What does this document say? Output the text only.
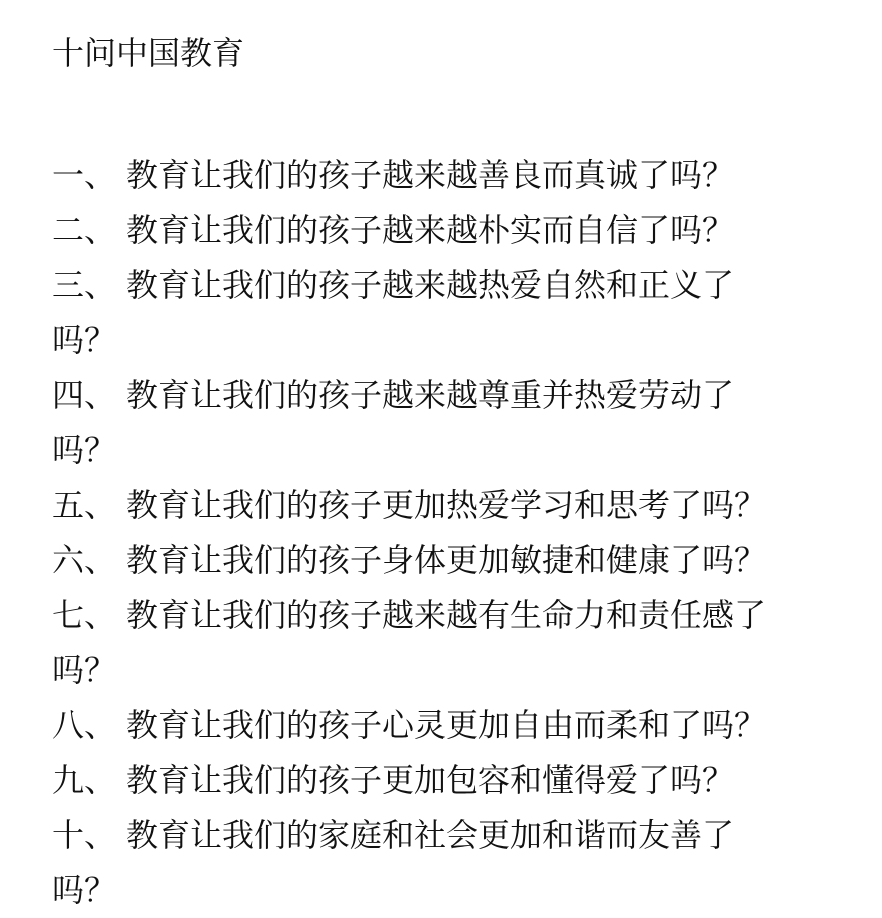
十问中国教育
一、 教育让我们的孩子越来越善良而真诚了吗？
二、 教育让我们的孩子越来越朴实而自信了吗？
三、 教育让我们的孩子越来越热爱自然和正义了
吗？
四、 教育让我们的孩子越来越尊重并热爱劳动了
吗？
五、 教育让我们的孩子更加热爱学习和思考了吗？
六、 教育让我们的孩子身体更加敏捷和健康了吗？
七、 教育让我们的孩子越来越有生命力和责任感了
吗？
八、 教育让我们的孩子心灵更加自由而柔和了吗？
九、 教育让我们的孩子更加包容和懂得爱了吗？
十、 教育让我们的家庭和社会更加和谐而友善了
吗？
